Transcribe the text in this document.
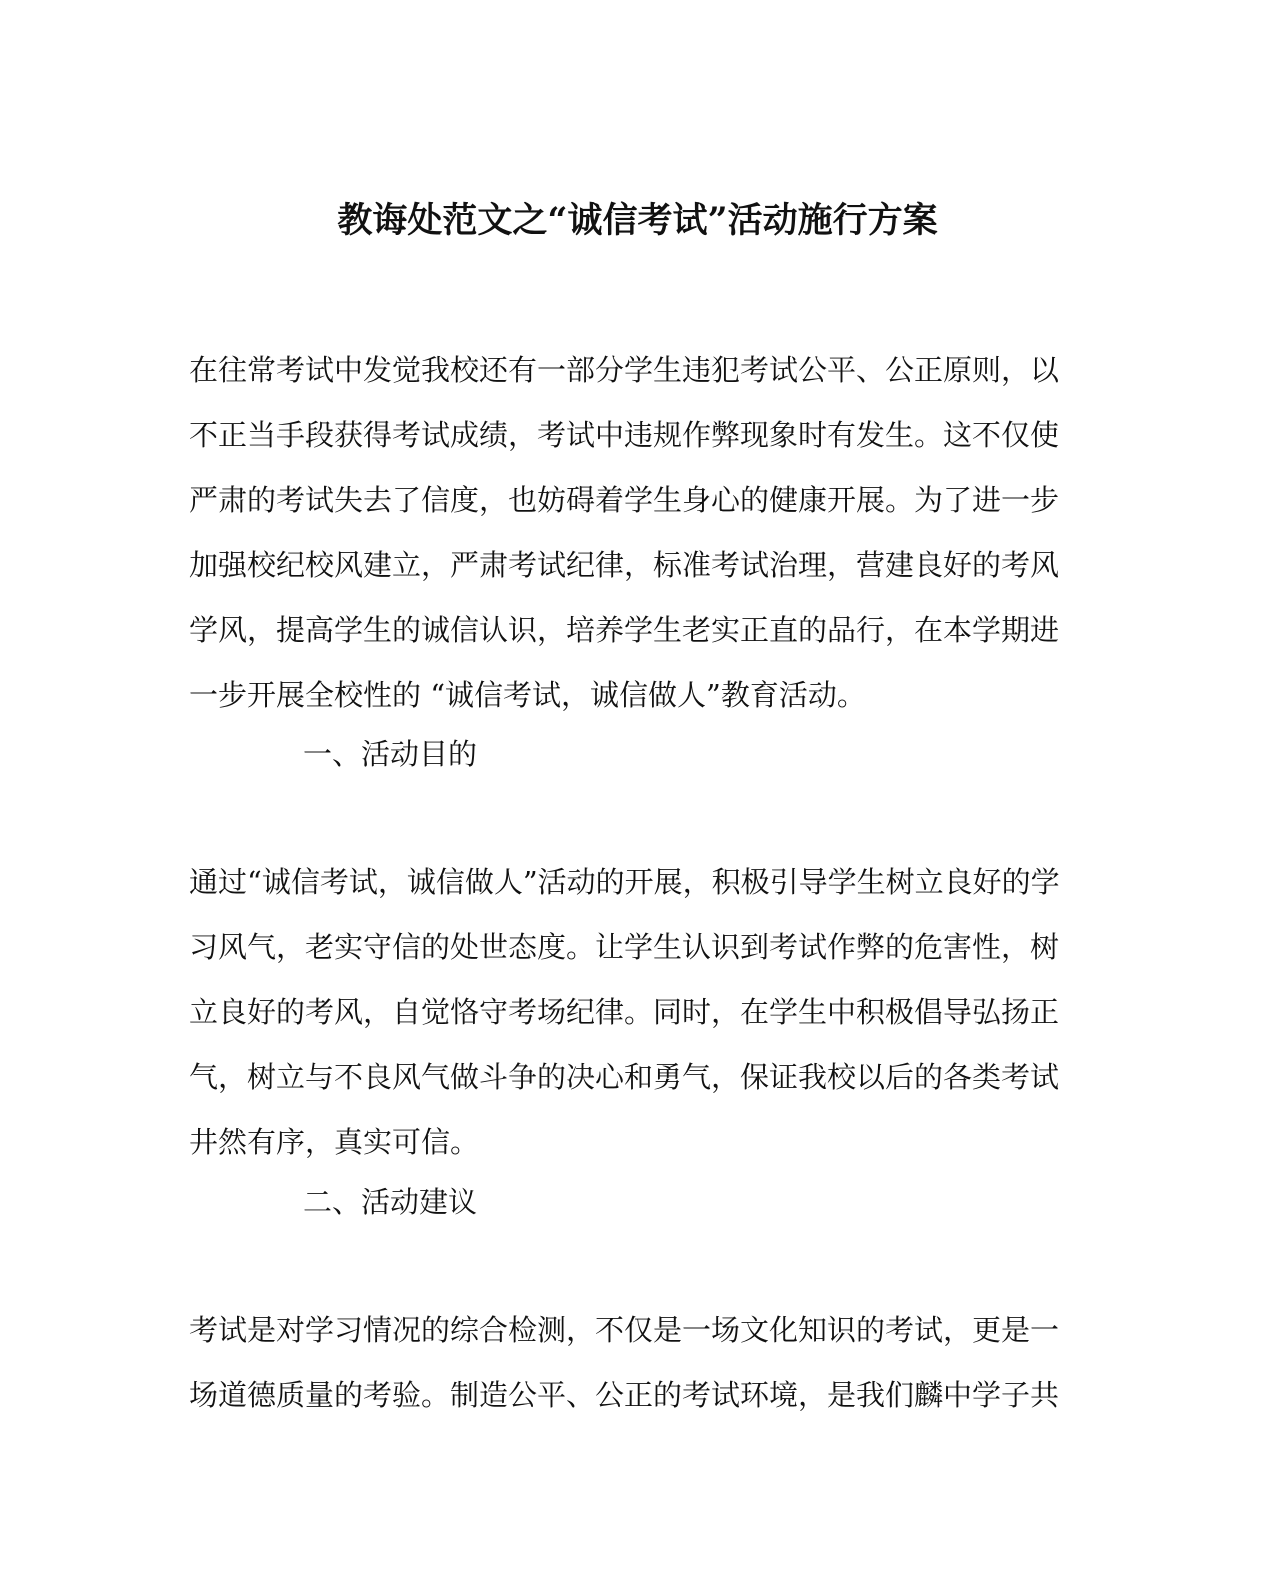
教诲处范文之“诚信考试”活动施行方案

在往常考试中发觉我校还有一部分学生违犯考试公平、公正原则，以
不正当手段获得考试成绩，考试中违规作弊现象时有发生。这不仅使
严肃的考试失去了信度，也妨碍着学生身心的健康开展。为了进一步
加强校纪校风建立，严肃考试纪律，标准考试治理，营建良好的考风
学风，提高学生的诚信认识，培养学生老实正直的品行，在本学期进
一步开展全校性的 “诚信考试，诚信做人”教育活动。

一、活动目的

通过“诚信考试，诚信做人”活动的开展，积极引导学生树立良好的学
习风气，老实守信的处世态度。让学生认识到考试作弊的危害性，树
立良好的考风，自觉恪守考场纪律。同时，在学生中积极倡导弘扬正
气，树立与不良风气做斗争的决心和勇气，保证我校以后的各类考试
井然有序，真实可信。

二、活动建议

考试是对学习情况的综合检测，不仅是一场文化知识的考试，更是一
场道德质量的考验。制造公平、公正的考试环境，是我们麟中学子共
